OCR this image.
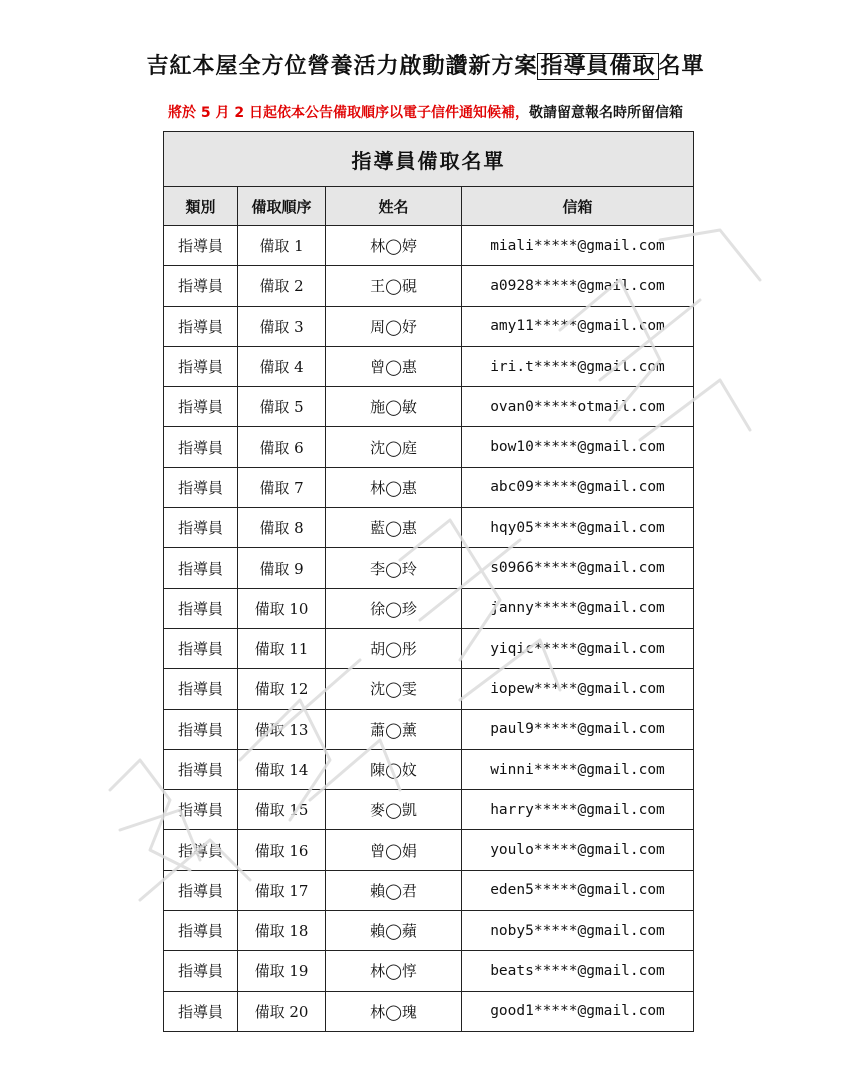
吉紅本屋全方位營養活力啟動讚新方案 指導員備取 名單
將於 5 月 2 日起依本公告備取順序以電子信件通知候補，敬請留意報名時所留信箱
指導員備取名單			
類別	備取順序	姓名	信箱
指導員	備取 1	林◯婷	miali*****@gmail.com
指導員	備取 2	王◯硯	a0928*****@gmail.com
指導員	備取 3	周◯妤	amy11*****@gmail.com
指導員	備取 4	曾◯惠	iri.t*****@gmail.com
指導員	備取 5	施◯敏	ovan0*****otmail.com
指導員	備取 6	沈◯庭	bow10*****@gmail.com
指導員	備取 7	林◯惠	abc09*****@gmail.com
指導員	備取 8	藍◯惠	hqy05*****@gmail.com
指導員	備取 9	李◯玲	s0966*****@gmail.com
指導員	備取 10	徐◯珍	janny*****@gmail.com
指導員	備取 11	胡◯彤	yiqic*****@gmail.com
指導員	備取 12	沈◯雯	iopew*****@gmail.com
指導員	備取 13	蕭◯薰	paul9*****@gmail.com
指導員	備取 14	陳◯妏	winni*****@gmail.com
指導員	備取 15	麥◯凱	harry*****@gmail.com
指導員	備取 16	曾◯娟	youlo*****@gmail.com
指導員	備取 17	賴◯君	eden5*****@gmail.com
指導員	備取 18	賴◯蘋	noby5*****@gmail.com
指導員	備取 19	林◯惇	beats*****@gmail.com
指導員	備取 20	林◯瑰	good1*****@gmail.com
